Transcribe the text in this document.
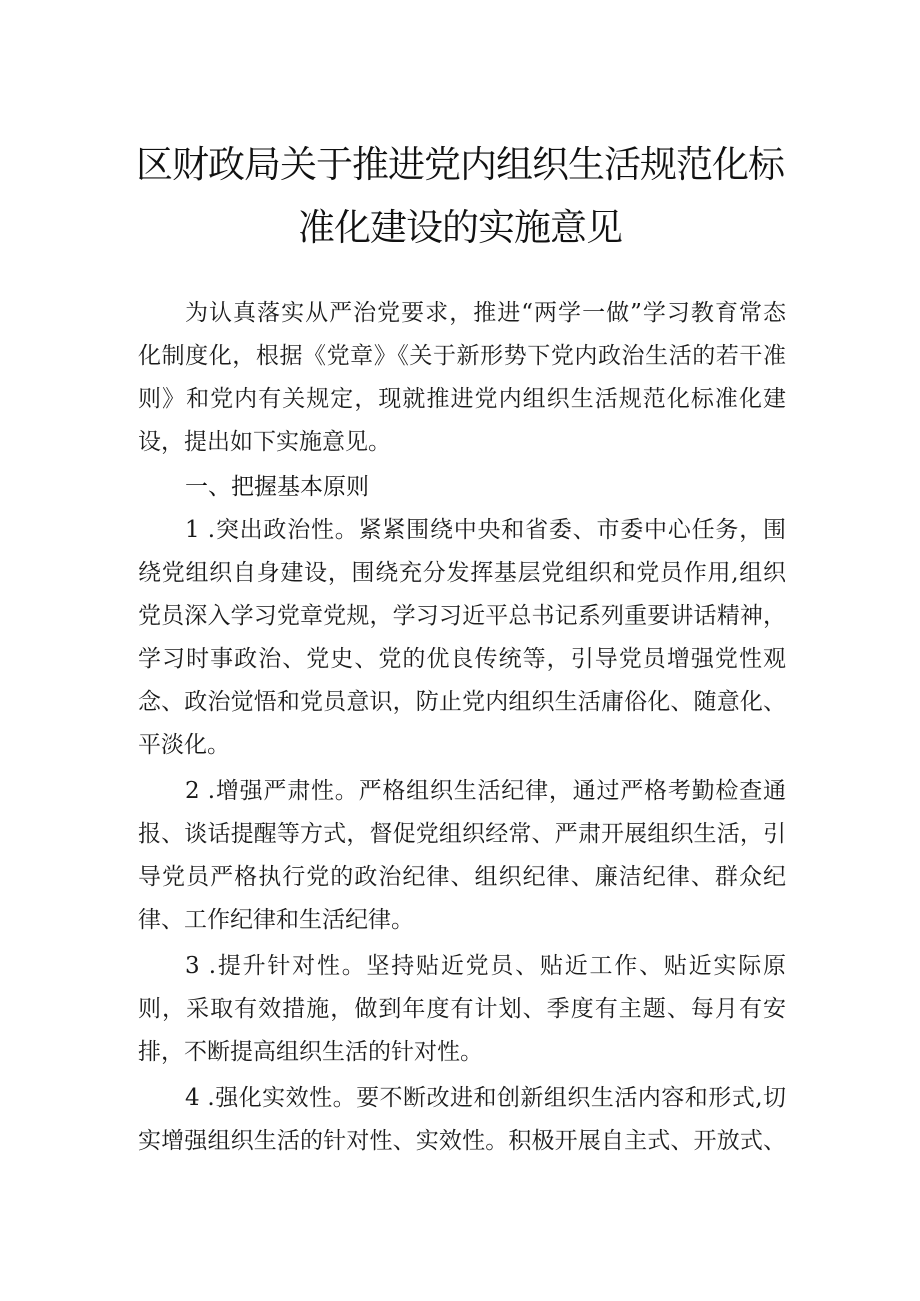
区财政局关于推进党内组织生活规范化标
准化建设的实施意见
为认真落实从严治党要求，推进“两学一做”学习教育常态
化制度化，根据《党章》《关于新形势下党内政治生活的若干准
则》和党内有关规定，现就推进党内组织生活规范化标准化建
设，提出如下实施意见。
一、把握基本原则
1 .突出政治性。紧紧围绕中央和省委、市委中心任务，围
绕党组织自身建设，围绕充分发挥基层党组织和党员作用,组织
党员深入学习党章党规，学习习近平总书记系列重要讲话精神，
学习时事政治、党史、党的优良传统等，引导党员增强党性观
念、政治觉悟和党员意识，防止党内组织生活庸俗化、随意化、
平淡化。
2 .增强严肃性。严格组织生活纪律，通过严格考勤检查通
报、谈话提醒等方式，督促党组织经常、严肃开展组织生活，引
导党员严格执行党的政治纪律、组织纪律、廉洁纪律、群众纪
律、工作纪律和生活纪律。
3 .提升针对性。坚持贴近党员、贴近工作、贴近实际原
则，采取有效措施，做到年度有计划、季度有主题、每月有安
排，不断提高组织生活的针对性。
4 .强化实效性。要不断改进和创新组织生活内容和形式,切
实增强组织生活的针对性、实效性。积极开展自主式、开放式、
